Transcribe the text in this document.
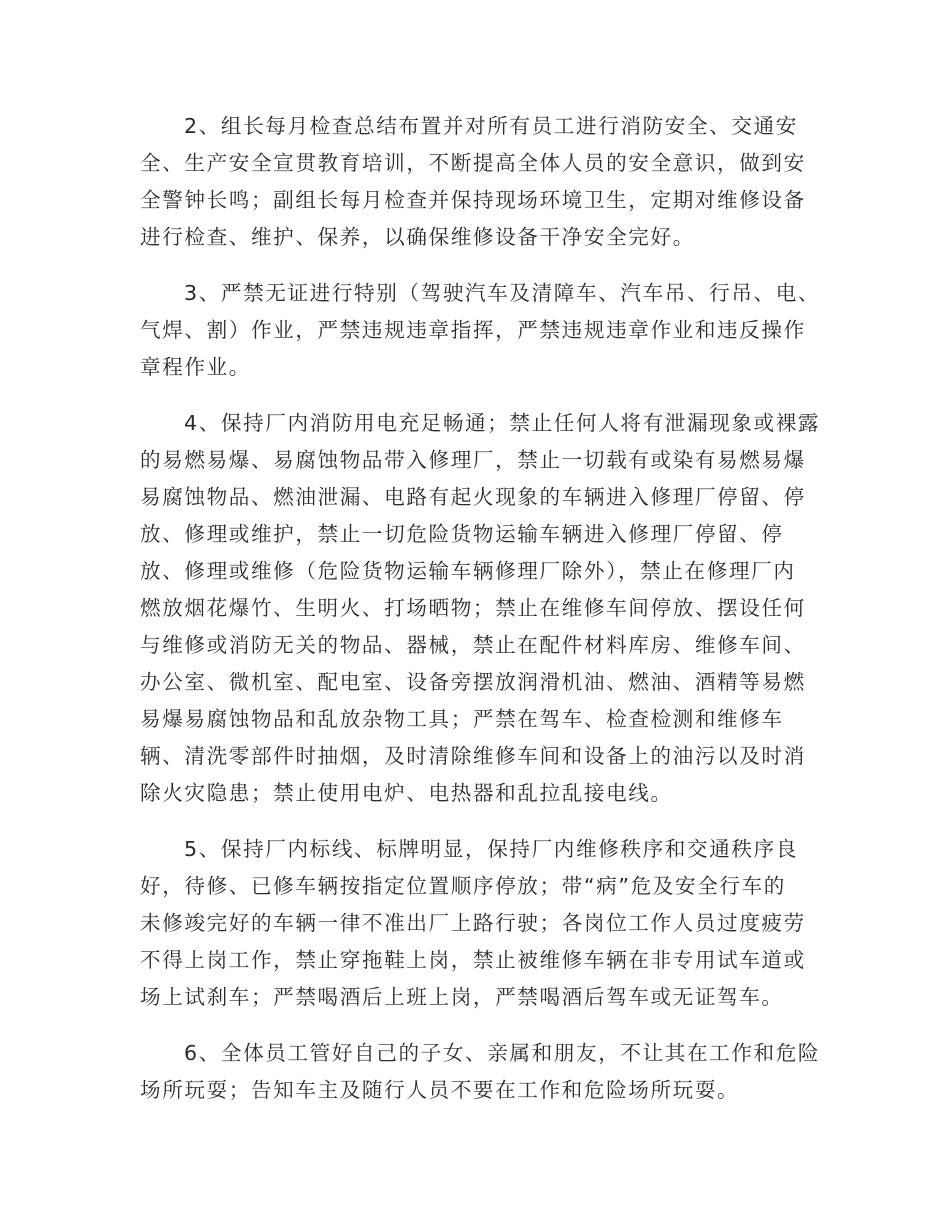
2、组长每月检查总结布置并对所有员工进行消防安全、交通安
全、生产安全宣贯教育培训，不断提高全体人员的安全意识，做到安
全警钟长鸣；副组长每月检查并保持现场环境卫生，定期对维修设备
进行检查、维护、保养，以确保维修设备干净安全完好。
3、严禁无证进行特别（驾驶汽车及清障车、汽车吊、行吊、电、
气焊、割）作业，严禁违规违章指挥，严禁违规违章作业和违反操作
章程作业。
4、保持厂内消防用电充足畅通；禁止任何人将有泄漏现象或裸露
的易燃易爆、易腐蚀物品带入修理厂，禁止一切载有或染有易燃易爆
易腐蚀物品、燃油泄漏、电路有起火现象的车辆进入修理厂停留、停
放、修理或维护，禁止一切危险货物运输车辆进入修理厂停留、停
放、修理或维修（危险货物运输车辆修理厂除外），禁止在修理厂内
燃放烟花爆竹、生明火、打场晒物；禁止在维修车间停放、摆设任何
与维修或消防无关的物品、器械，禁止在配件材料库房、维修车间、
办公室、微机室、配电室、设备旁摆放润滑机油、燃油、酒精等易燃
易爆易腐蚀物品和乱放杂物工具；严禁在驾车、检查检测和维修车
辆、清洗零部件时抽烟，及时清除维修车间和设备上的油污以及时消
除火灾隐患；禁止使用电炉、电热器和乱拉乱接电线。
5、保持厂内标线、标牌明显，保持厂内维修秩序和交通秩序良
好，待修、已修车辆按指定位置顺序停放；带“病”危及安全行车的
未修竣完好的车辆一律不准出厂上路行驶；各岗位工作人员过度疲劳
不得上岗工作，禁止穿拖鞋上岗，禁止被维修车辆在非专用试车道或
场上试刹车；严禁喝酒后上班上岗，严禁喝酒后驾车或无证驾车。
6、全体员工管好自己的子女、亲属和朋友，不让其在工作和危险
场所玩耍；告知车主及随行人员不要在工作和危险场所玩耍。
